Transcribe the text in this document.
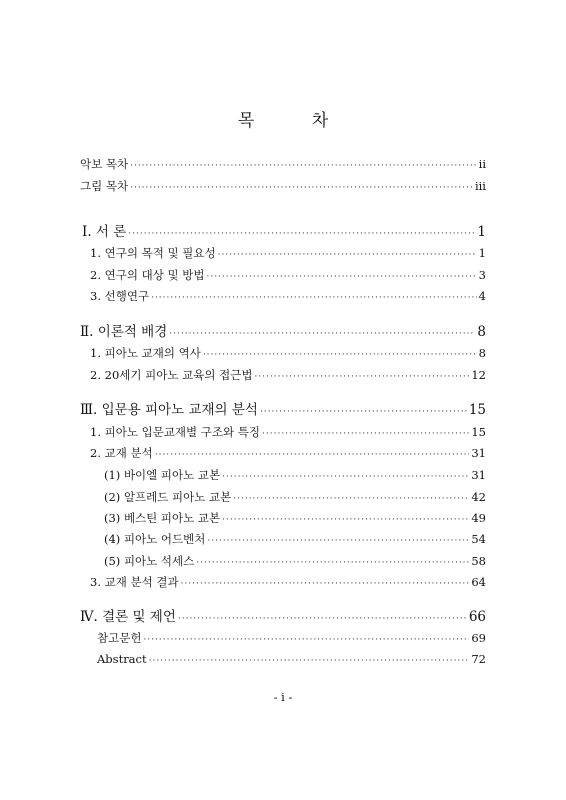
목 차
악보 목차 ·····	ii
그림 목차 ·····	iii
Ⅰ. 서 론 ·····	1
1. 연구의 목적 및 필요성 ·····	1
2. 연구의 대상 및 방법 ·····	3
3. 선행연구 ·····	4
Ⅱ. 이론적 배경 ·····	8
1. 피아노 교재의 역사 ·····	8
2. 20세기 피아노 교육의 접근법 ·····	12
Ⅲ. 입문용 피아노 교재의 분석 ·····	15
1. 피아노 입문교재별 구조와 특징 ·····	15
2. 교재 분석 ·····	31
(1) 바이엘 피아노 교본 ·····	31
(2) 알프레드 피아노 교본 ·····	42
(3) 베스틴 피아노 교본 ·····	49
(4) 피아노 어드벤처 ·····	54
(5) 피아노 석세스 ·····	58
3. 교재 분석 결과 ·····	64
Ⅳ. 결론 및 제언 ·····	66
참고문헌 ·····	69
Abstract ·····	72
- i -
